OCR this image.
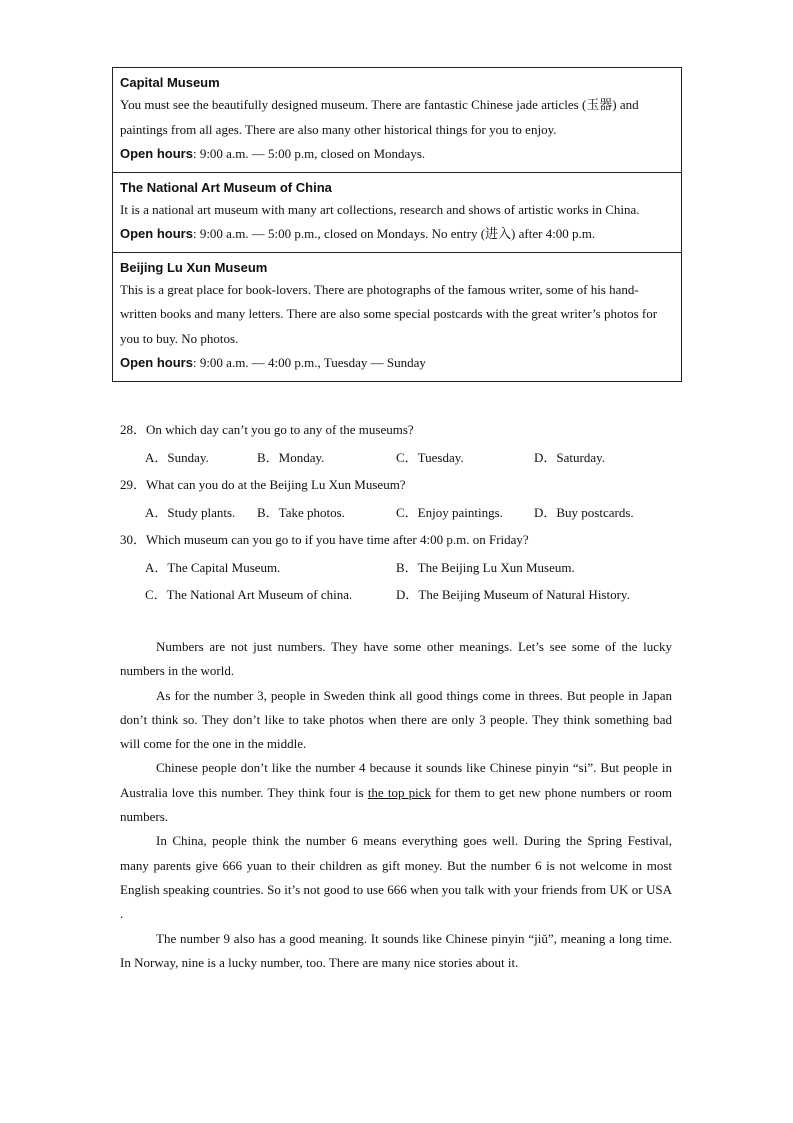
Capital Museum
You must see the beautifully designed museum. There are fantastic Chinese jade articles (玉器) and paintings from all ages. There are also many other historical things for you to enjoy.
Open hours: 9:00 a.m. — 5:00 p.m, closed on Mondays.
The National Art Museum of China
It is a national art museum with many art collections, research and shows of artistic works in China.
Open hours: 9:00 a.m. — 5:00 p.m., closed on Mondays. No entry (进入) after 4:00 p.m.
Beijing Lu Xun Museum
This is a great place for book-lovers. There are photographs of the famous writer, some of his hand-written books and many letters. There are also some special postcards with the great writer’s photos for you to buy. No photos.
Open hours: 9:00 a.m. — 4:00 p.m., Tuesday — Sunday
28．On which day can’t you go to any of the museums?
A．Sunday.	B．Monday.	C．Tuesday.	D．Saturday.
29．What can you do at the Beijing Lu Xun Museum?
A．Study plants. B．Take photos.	C．Enjoy paintings. D．Buy postcards.
30．Which museum can you go to if you have time after 4:00 p.m. on Friday?
A．The Capital Museum.	B．The Beijing Lu Xun Museum.
C．The National Art Museum of china.	D．The Beijing Museum of Natural History.

Numbers are not just numbers. They have some other meanings. Let’s see some of the lucky numbers in the world.

As for the number 3, people in Sweden think all good things come in threes. But people in Japan don’t think so. They don’t like to take photos when there are only 3 people. They think something bad will come for the one in the middle.

Chinese people don’t like the number 4 because it sounds like Chinese pinyin “si”. But people in Australia love this number. They think four is the top pick for them to get new phone numbers or room numbers.

In China, people think the number 6 means everything goes well. During the Spring Festival, many parents give 666 yuan to their children as gift money. But the number 6 is not welcome in most English speaking countries. So it’s not good to use 666 when you talk with your friends from UK or USA .

The number 9 also has a good meaning. It sounds like Chinese pinyin “jiǔ”, meaning a long time. In Norway, nine is a lucky number, too. There are many nice stories about it.
